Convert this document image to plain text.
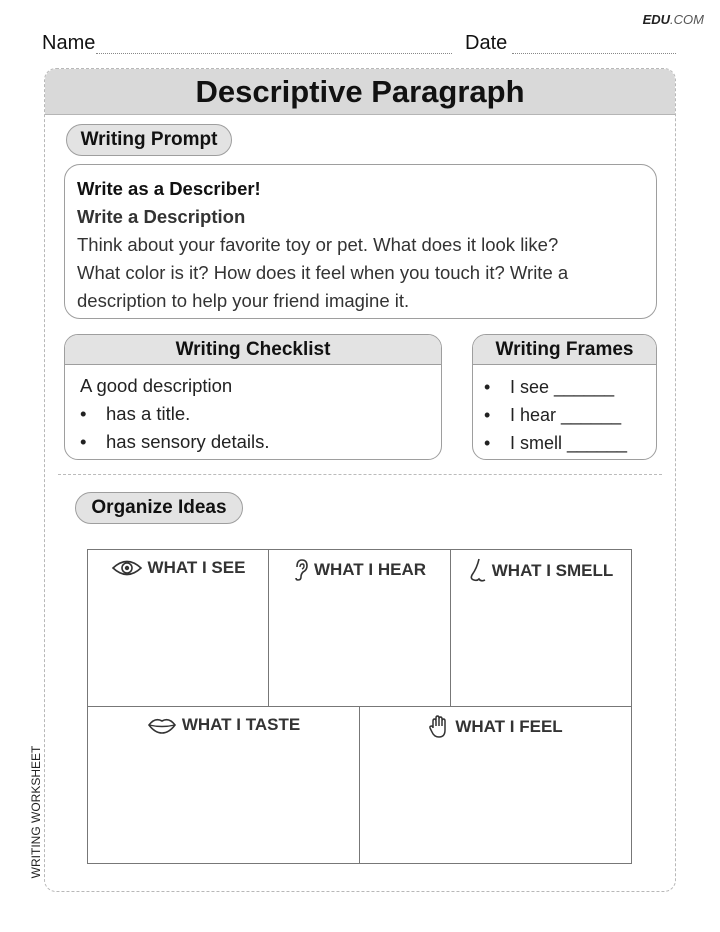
EDU.COM
Name	Date
Descriptive Paragraph
Writing Prompt
Write as a Describer!
Write a Description
Think about your favorite toy or pet. What does it look like?
What color is it? How does it feel when you touch it? Write a
description to help your friend imagine it.
Writing Checklist
A good description
•	has a title.
•	has sensory details.
Writing Frames
•	I see ______
•	I hear ______
•	I smell ______
Organize Ideas
WHAT I SEE	WHAT I HEAR	WHAT I SMELL
WHAT I TASTE	WHAT I FEEL
WRITING WORKSHEET
